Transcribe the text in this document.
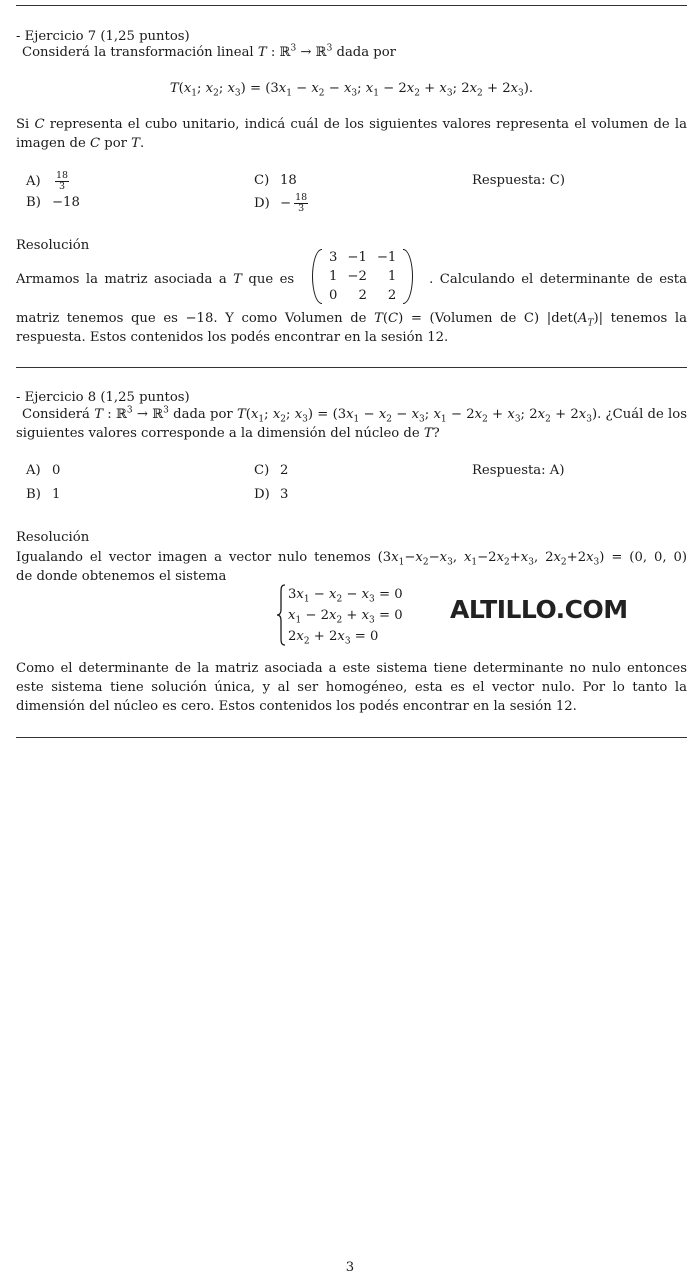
- Ejercicio 7 (1,25 puntos)
Considerá la transformación lineal T : ℝ$^3$ → ℝ$^3$ dada por
$T(x_1$; $x_2$; $x_3) = (3x_1 - x_2 - x_3$; $x_1 - 2x_2 + x_3$; $2x_2 + 2x_3$).
Si C representa el cubo unitario, indicá cuál de los siguientes valores representa el volumen de la imagen de C por T.
$A) \frac{18}{3}$
B) −18
C) 18
$D) - \frac{18}{3}$
Respuesta: C)
Resolución
Armamos la matriz asociada a T que es	. Calculando el determinante de esta
3	−1	−1
1	−2	1
0	2	2
matriz tenemos que es −18. Y como Volumen de T(C) = (Volumen de C) $|\det(A_T)|$ tenemos la respuesta. Estos contenidos los podés encontrar en la sesión 12.
- Ejercicio 8 (1,25 puntos)
Considerá T : ℝ$^3$ → ℝ$^3$ dada por $T(x_1$; $x_2$; $x_3) = (3x_1 - x_2 - x_3$; $x_1 - 2x_2 + x_3$; $2x_2 + 2x_3$). ¿Cuál de los siguientes valores corresponde a la dimensión del núcleo de T?
A) 0
B) 1
C) 2
D) 3
Respuesta: A)
Resolución
Igualando el vector imagen a vector nulo tenemos ($3x_1-x_2-x_3$, $x_1-2x_2+x_3$, $2x_2+2x_3) = (0$, 0, 0)
de donde obtenemos el sistema
$3x_1 - x_2 - x_3 = 0$
$x_1 - 2x_2 + x_3 = 0$
$2x_2 + 2x_3 = 0$
ALTILLO.COM
Como el determinante de la matriz asociada a este sistema tiene determinante no nulo entonces este sistema tiene solución única, y al ser homogéneo, esta es el vector nulo. Por lo tanto la dimensión del núcleo es cero. Estos contenidos los podés encontrar en la sesión 12.
3
